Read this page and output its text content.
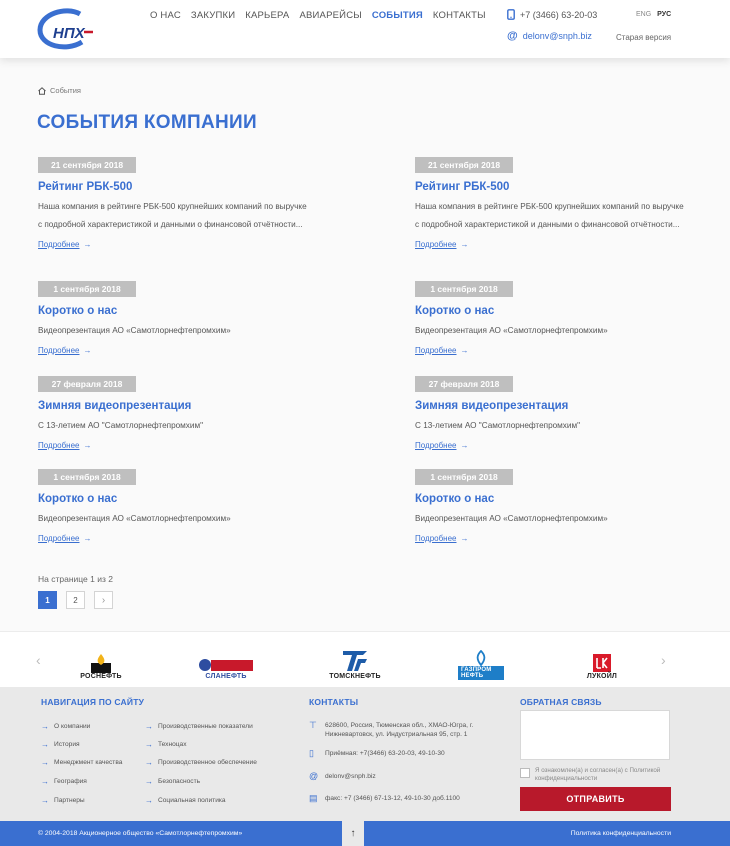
НПХ
О НАС ЗАКУПКИ КАРЬЕРА АВИАРЕЙСЫ СОБЫТИЯ КОНТАКТЫ	+7 (3466) 63-20-03
@ delonv@snph.biz
ENG РУС
Старая версия
События
СОБЫТИЯ КОМПАНИИ
21 сентября 2018
Рейтинг РБК-500
Наша компания в рейтинге РБК-500 крупнейших компаний по выручке с подробной характеристикой и данными о финансовой отчётности...
Подробнее →
21 сентября 2018
Рейтинг РБК-500
Наша компания в рейтинге РБК-500 крупнейших компаний по выручке с подробной характеристикой и данными о финансовой отчётности...
Подробнее →
1 сентября 2018
Коротко о нас
Видеопрезентация АО «Самотлорнефтепромхим»
Подробнее →
1 сентября 2018
Коротко о нас
Видеопрезентация АО «Самотлорнефтепромхим»
Подробнее →
27 февраля 2018
Зимняя видеопрезентация
С 13-летием АО "Самотлорнефтепромхим"
Подробнее →
27 февраля 2018
Зимняя видеопрезентация
С 13-летием АО "Самотлорнефтепромхим"
Подробнее →
1 сентября 2018
Коротко о нас
Видеопрезентация АО «Самотлорнефтепромхим»
Подробнее →
1 сентября 2018
Коротко о нас
Видеопрезентация АО «Самотлорнефтепромхим»
Подробнее →
На странице 1 из 2
1	2	›
‹	›
РОСНЕФТЬ	СЛАНЕФТЬ	ТОМСКНЕФТЬ
ГАЗПРОМ НЕФТЬ	ЛУКОЙЛ
НАВИГАЦИЯ ПО САЙТУ
→ О компании
→ История
→ Менеджмент качества
→ География
→ Партнеры
→ Производственные показатели
→ Техноцах
→ Производственное обеспечение
→ Безопасность
→ Социальная политика
КОНТАКТЫ
⊤ 628600, Россия, Тюменская обл., ХМАО-Югра, г. Нижневартовск, ул. Индустриальная 95, стр. 1
▯	Приёмная: +7(3466) 63-20-03, 49-10-30
@ delonv@snph.biz
▤ факс: +7 (3466) 67-13-12, 49-10-30 доб.1100
ОБРАТНАЯ СВЯЗЬ
Я ознакомлен(а) и согласен(а) с Политикой конфиденциальности
ОТПРАВИТЬ
© 2004-2018 Акционерное общество «Самотлорнефтепромхим»	↑	Политика конфиденциальности
